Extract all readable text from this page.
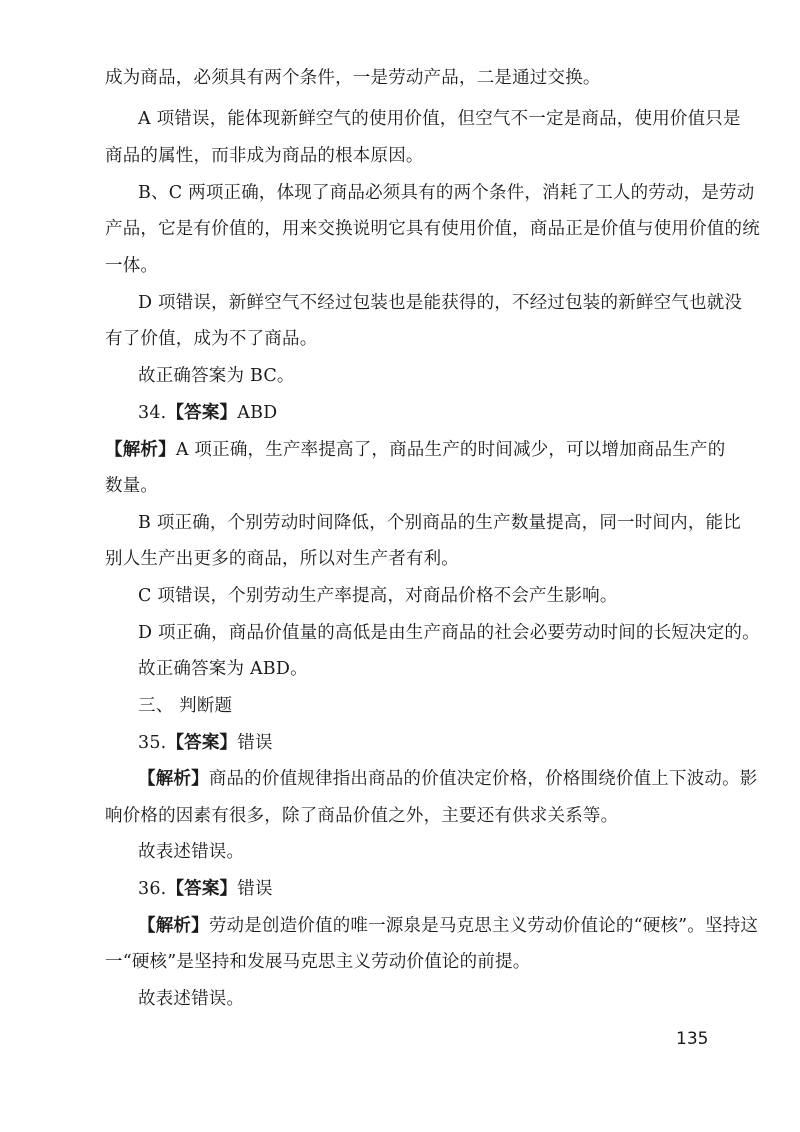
成为商品，必须具有两个条件，一是劳动产品，二是通过交换。
A 项错误，能体现新鲜空气的使用价值，但空气不一定是商品，使用价值只是
商品的属性，而非成为商品的根本原因。
B、C 两项正确，体现了商品必须具有的两个条件，消耗了工人的劳动，是劳动
产品，它是有价值的，用来交换说明它具有使用价值，商品正是价值与使用价值的统
一体。
D 项错误，新鲜空气不经过包装也是能获得的，不经过包装的新鲜空气也就没
有了价值，成为不了商品。
故正确答案为 BC。
34.【答案】ABD
【解析】A 项正确，生产率提高了，商品生产的时间减少，可以增加商品生产的
数量。
B 项正确，个别劳动时间降低，个别商品的生产数量提高，同一时间内，能比
别人生产出更多的商品，所以对生产者有利。
C 项错误，个别劳动生产率提高，对商品价格不会产生影响。
D 项正确，商品价值量的高低是由生产商品的社会必要劳动时间的长短决定的。
故正确答案为 ABD。
三、 判断题
35.【答案】错误
【解析】商品的价值规律指出商品的价值决定价格，价格围绕价值上下波动。影
响价格的因素有很多，除了商品价值之外，主要还有供求关系等。
故表述错误。
36.【答案】错误
【解析】劳动是创造价值的唯一源泉是马克思主义劳动价值论的“硬核”。坚持这
一“硬核”是坚持和发展马克思主义劳动价值论的前提。
故表述错误。
135
